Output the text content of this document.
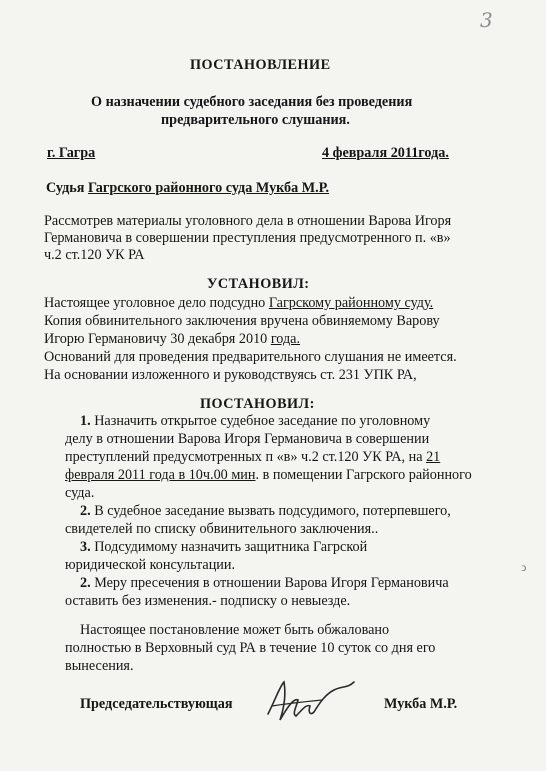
3
ПОСТАНОВЛЕНИЕ
О назначении судебного заседания без проведения
предварительного слушания.
г. Гагра	4 февраля 2011года.
Судья Гагрского районного суда Мукба М.Р.
Рассмотрев материалы уголовного дела в отношении Варова Игоря
Германовича в совершении преступления предусмотренного п. «в»
ч.2 ст.120 УК РА
УСТАНОВИЛ:
Настоящее уголовное дело подсудно Гагрскому районному суду.
Копия обвинительного заключения вручена обвиняемому Варову
Игорю Германовичу 30 декабря 2010 года.
Оснований для проведения предварительного слушания не имеется.
На основании изложенного и руководствуясь ст. 231 УПК РА,
ПОСТАНОВИЛ:
1. Назначить открытое судебное заседание по уголовному
делу в отношении Варова Игоря Германовича в совершении
преступлений предусмотренных п «в» ч.2 ст.120 УК РА, на 21
февраля 2011 года в 10ч.00 мин. в помещении Гагрского районного
суда.
2. В судебное заседание вызвать подсудимого, потерпевшего,
свидетелей по списку обвинительного заключения..
3. Подсудимому назначить защитника Гагрской
юридической консультации.
2. Меру пресечения в отношении Варова Игоря Германовича
оставить без изменения.- подписку о невыезде.
Настоящее постановление может быть обжаловано
полностью в Верховный суд РА в течение 10 суток со дня его
вынесения.
Председательствующая	Мукба М.Р.
ↄ
